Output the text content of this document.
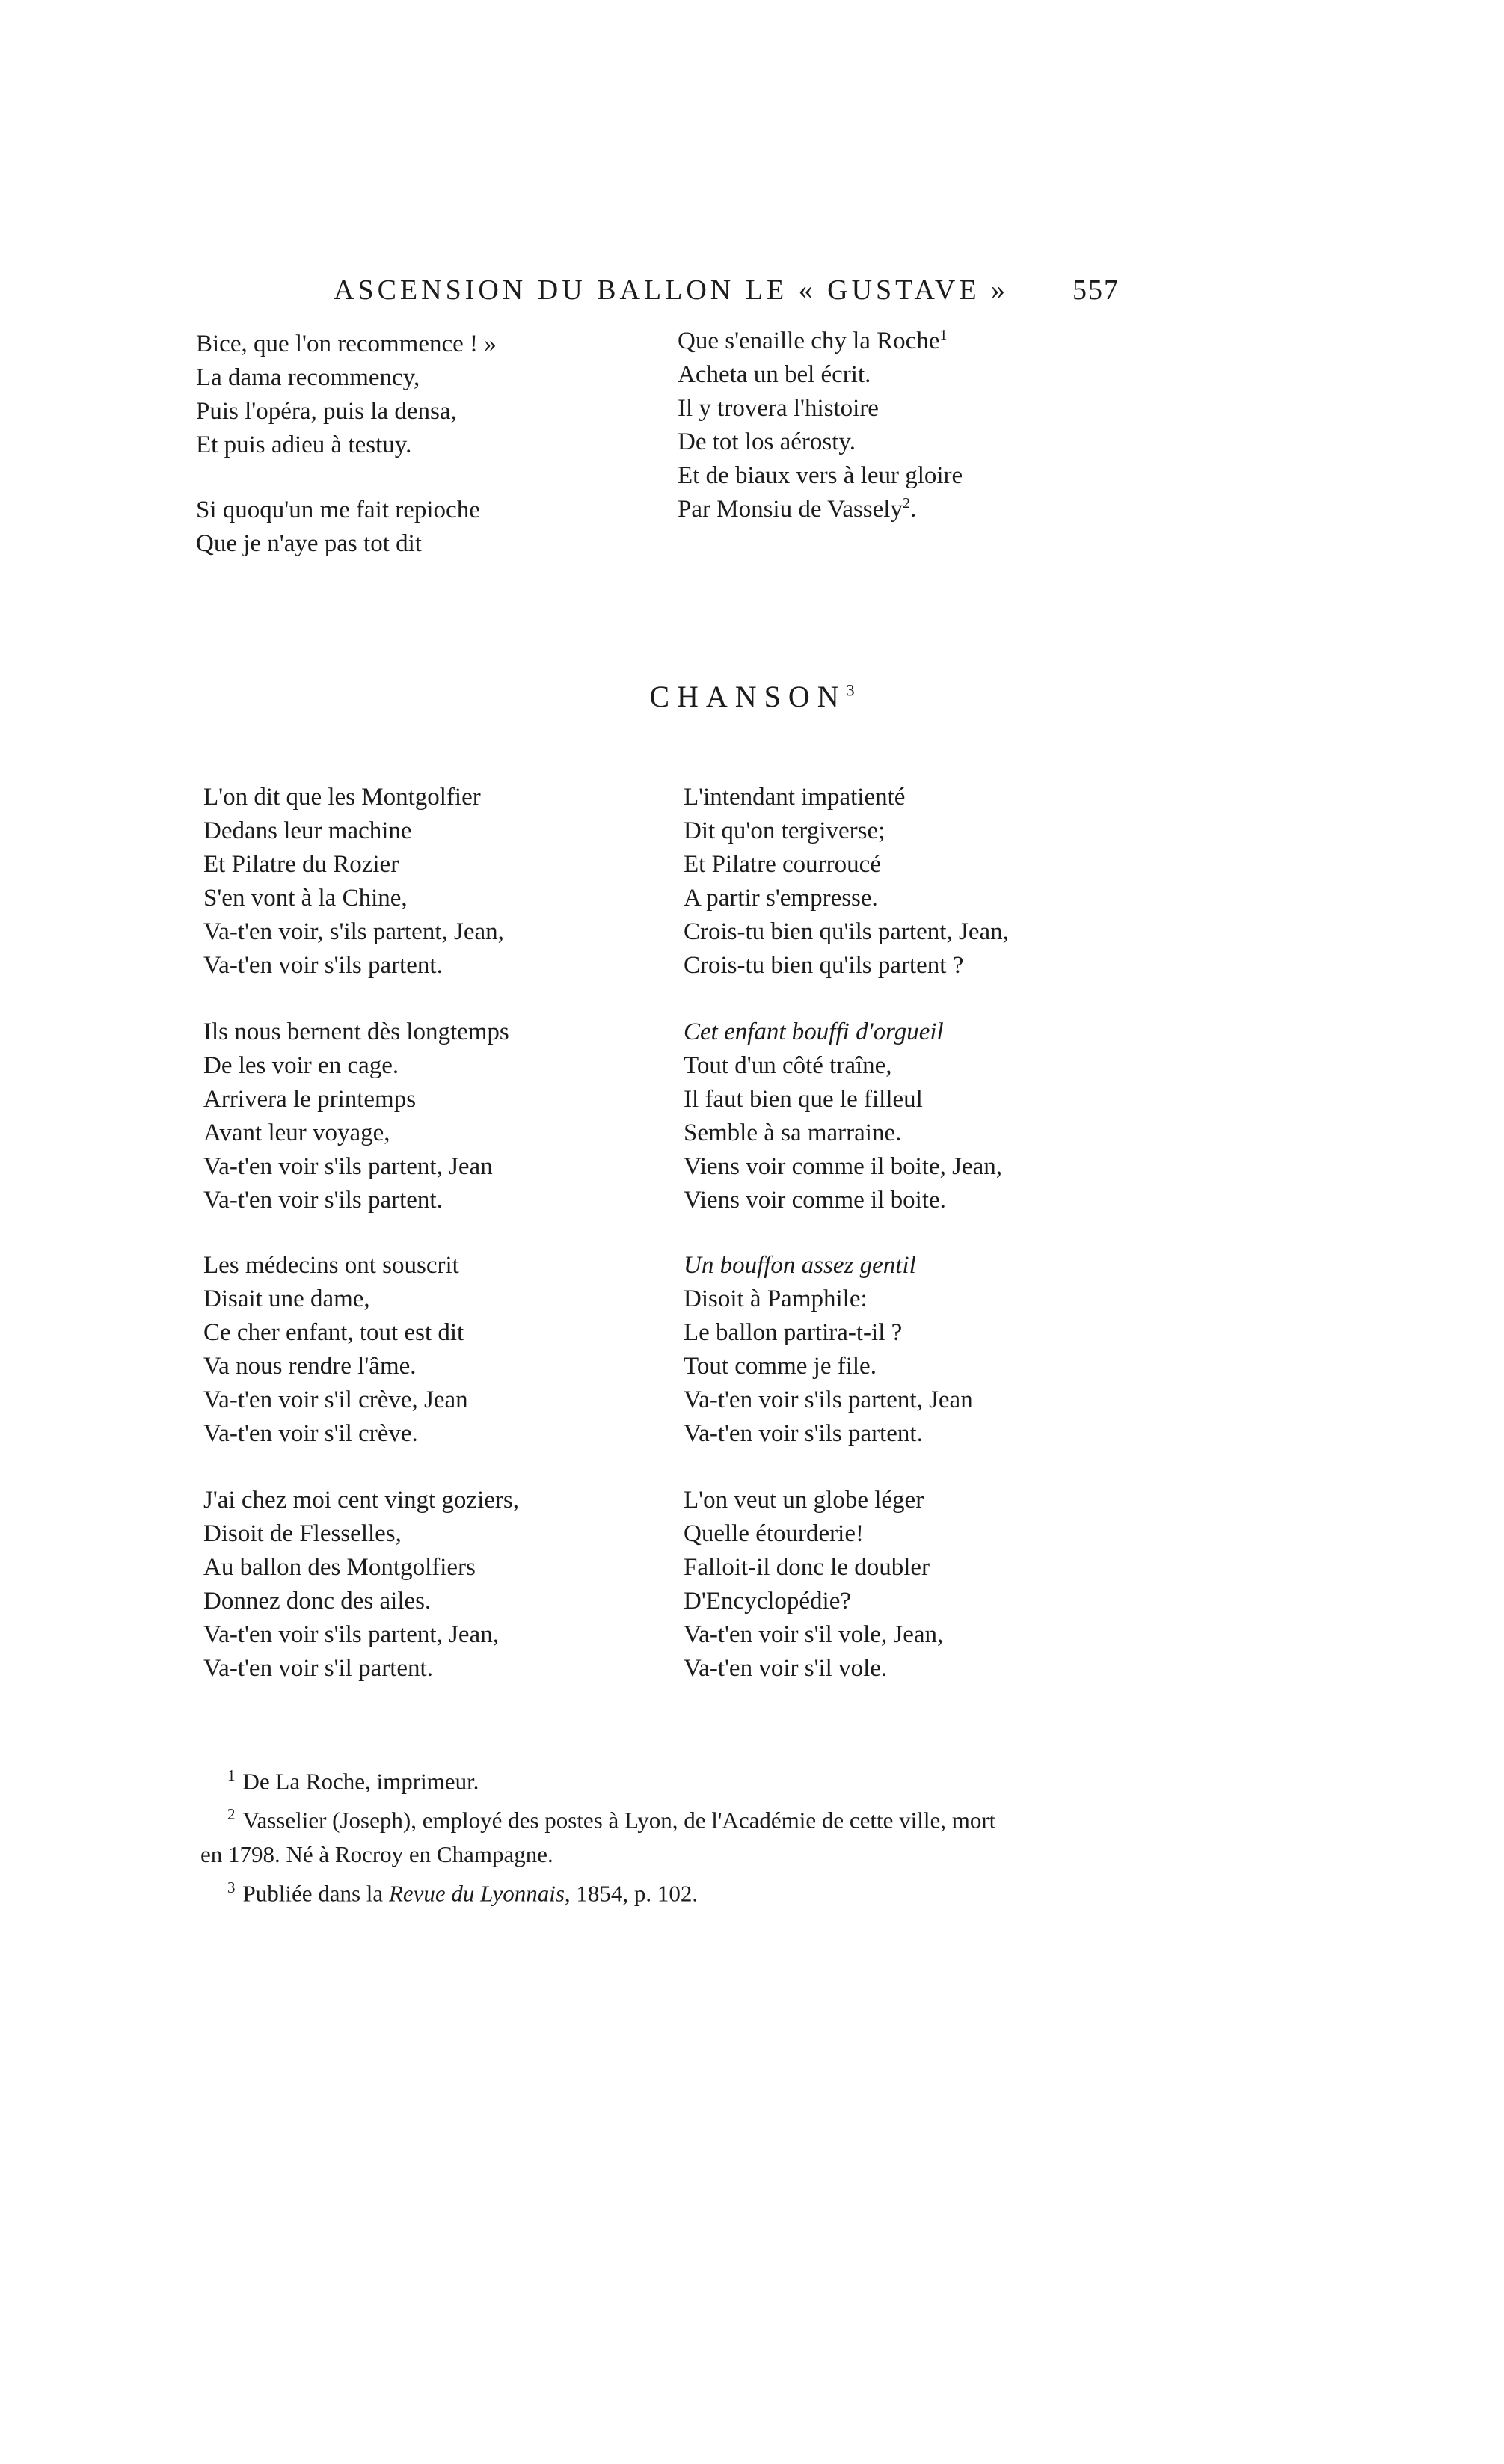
ASCENSION DU BALLON LE « GUSTAVE »	557
Bice, que l'on recommence ! »
La dama recommency,
Puis l'opéra, puis la densa,
Et puis adieu à testuy.
Si quoqu'un me fait repioche
Que je n'aye pas tot dit
Que s'enaille chy la Roche$^1$
Acheta un bel écrit.
Il y trovera l'histoire
De tot los aérosty.
Et de biaux vers à leur gloire
Par Monsiu de Vassely$^2$.
CHANSON$^3$
L'on dit que les Montgolfier
Dedans leur machine
Et Pilatre du Rozier
S'en vont à la Chine,
Va-t'en voir, s'ils partent, Jean,
Va-t'en voir s'ils partent.
Ils nous bernent dès longtemps
De les voir en cage.
Arrivera le printemps
Avant leur voyage,
Va-t'en voir s'ils partent, Jean
Va-t'en voir s'ils partent.
Les médecins ont souscrit
Disait une dame,
Ce cher enfant, tout est dit
Va nous rendre l'âme.
Va-t'en voir s'il crève, Jean
Va-t'en voir s'il crève.
J'ai chez moi cent vingt goziers,
Disoit de Flesselles,
Au ballon des Montgolfiers
Donnez donc des ailes.
Va-t'en voir s'ils partent, Jean,
Va-t'en voir s'il partent.
L'intendant impatienté
Dit qu'on tergiverse;
Et Pilatre courroucé
A partir s'empresse.
Crois-tu bien qu'ils partent, Jean,
Crois-tu bien qu'ils partent ?
Cet enfant bouffi d'orgueil
Tout d'un côté traîne,
Il faut bien que le filleul
Semble à sa marraine.
Viens voir comme il boite, Jean,
Viens voir comme il boite.
Un bouffon assez gentil
Disoit à Pamphile:
Le ballon partira-t-il ?
Tout comme je file.
Va-t'en voir s'ils partent, Jean
Va-t'en voir s'ils partent.
L'on veut un globe léger
Quelle étourderie!
Falloit-il donc le doubler
D'Encyclopédie?
Va-t'en voir s'il vole, Jean,
Va-t'en voir s'il vole.
$^1$ De La Roche, imprimeur.
$^2$ Vasselier (Joseph), employé des postes à Lyon, de l'Académie de cette ville, mort
en 1798. Né à Rocroy en Champagne.
$^3$ Publiée dans la Revue du Lyonnais, 1854, p. 102.
